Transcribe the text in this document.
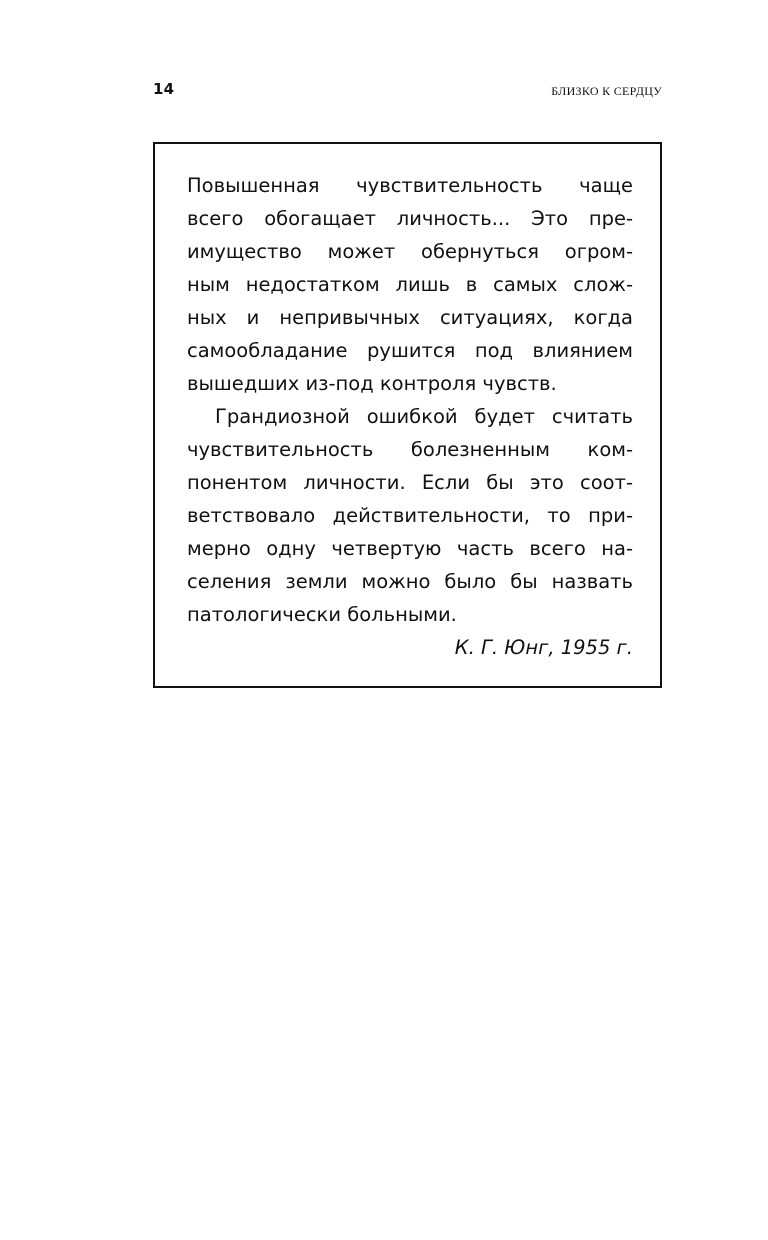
14	БЛИЗКО К СЕРДЦУ
Повышенная чувствительность чаще
всего обогащает личность... Это пре-
имущество может обернуться огром-
ным недостатком лишь в самых слож-
ных и непривычных ситуациях, когда
самообладание рушится под влиянием
вышедших из-под контроля чувств.
Грандиозной ошибкой будет считать
чувствительность болезненным ком-
понентом личности. Если бы это соот-
ветствовало действительности, то при-
мерно одну четвертую часть всего на-
селения земли можно было бы назвать
патологически больными.
К. Г. Юнг, 1955 г.
